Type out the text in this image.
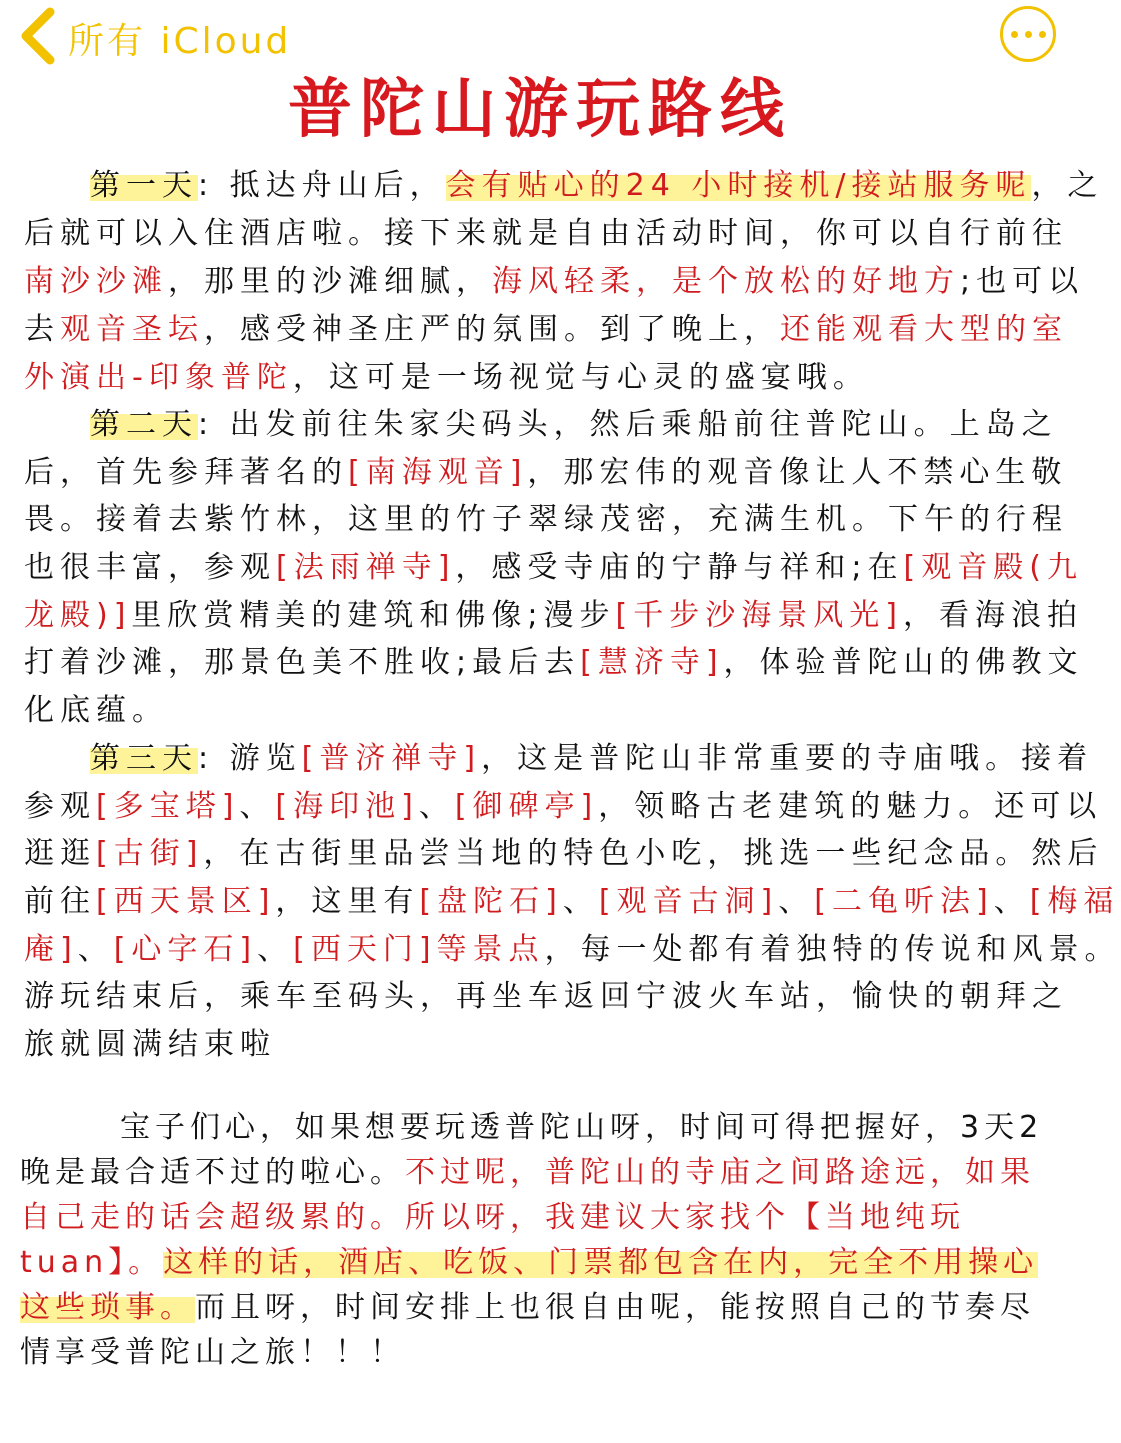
所有 iCloud
普陀山游玩路线
第一天: 抵达舟山后，会有贴心的24 小时接机/接站服务呢，之
后就可以入住酒店啦。接下来就是自由活动时间，你可以自行前往
南沙沙滩，那里的沙滩细腻，海风轻柔，是个放松的好地方;也可以
去观音圣坛，感受神圣庄严的氛围。到了晚上，还能观看大型的室
外演出-印象普陀，这可是一场视觉与心灵的盛宴哦。
第二天: 出发前往朱家尖码头，然后乘船前往普陀山。上岛之
后，首先参拜著名的[南海观音]，那宏伟的观音像让人不禁心生敬
畏。接着去紫竹林，这里的竹子翠绿茂密，充满生机。下午的行程
也很丰富，参观[法雨禅寺]，感受寺庙的宁静与祥和;在[观音殿(九
龙殿)]里欣赏精美的建筑和佛像;漫步[千步沙海景风光]，看海浪拍
打着沙滩，那景色美不胜收;最后去[慧济寺]，体验普陀山的佛教文
化底蕴。
第三天: 游览[普济禅寺]，这是普陀山非常重要的寺庙哦。接着
参观[多宝塔]、[海印池]、[御碑亭]，领略古老建筑的魅力。还可以
逛逛[古街]，在古街里品尝当地的特色小吃，挑选一些纪念品。然后
前往[西天景区]，这里有[盘陀石]、[观音古洞]、[二龟听法]、[梅福
庵]、[心字石]、[西天门]等景点，每一处都有着独特的传说和风景。
游玩结束后，乘车至码头，再坐车返回宁波火车站，愉快的朝拜之
旅就圆满结束啦
宝子们心，如果想要玩透普陀山呀，时间可得把握好，3天2
晚是最合适不过的啦心。不过呢，普陀山的寺庙之间路途远，如果
自己走的话会超级累的。所以呀，我建议大家找个【当地纯玩
tuan】。这样的话，酒店、吃饭、门票都包含在内，完全不用操心
这些琐事。而且呀，时间安排上也很自由呢，能按照自己的节奏尽
情享受普陀山之旅！！！
